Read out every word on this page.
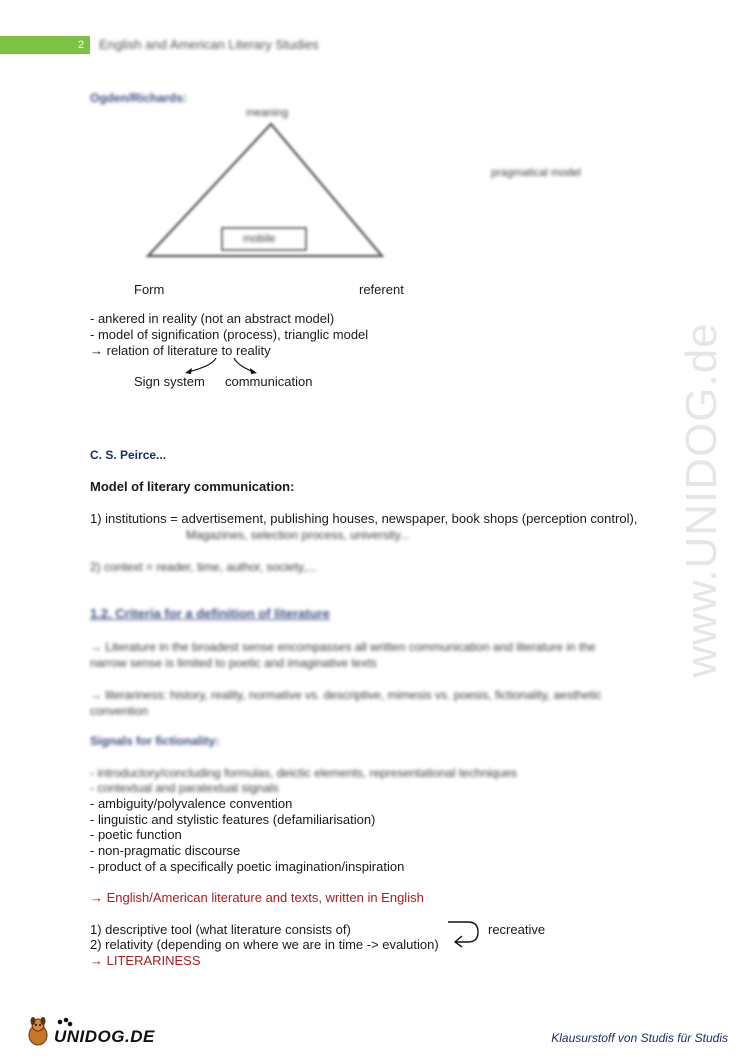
2	English and American Literary Studies
www.UNIDOG.de
Ogden/Richards:
meaning
mobile
pragmatical model
Form	referent
- ankered in reality (not an abstract model)
- model of signification (process), trianglic model
→ relation of literature to reality
Sign system communication
C. S. Peirce...
Model of literary communication:
1) institutions = advertisement, publishing houses, newspaper, book shops (perception control),
Magazines, selection process, university...
2) context = reader, time, author, society,...
1.2. Criteria for a definition of literature
→ Literature in the broadest sense encompasses all written communication and literature in the
narrow sense is limited to poetic and imaginative texts
→ literariness: history, reality, normative vs. descriptive, mimesis vs. poesis, fictionality, aesthetic
convention
Signals for fictionality:
- introductory/concluding formulas, deictic elements, representational techniques
- contextual and paratextual signals
- ambiguity/polyvalence convention
- linguistic and stylistic features (defamiliarisation)
- poetic function
- non-pragmatic discourse
- product of a specifically poetic imagination/inspiration
→ English/American literature and texts, written in English
1) descriptive tool (what literature consists of)
2) relativity (depending on where we are in time -> evalution)
recreative
→ LITERARINESS
UNIDOG.DE	Klausurstoff von Studis für Studis
